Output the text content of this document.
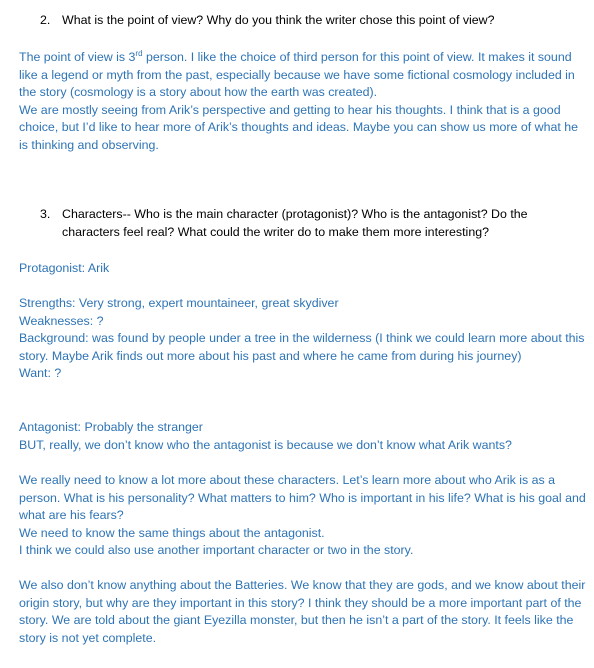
2. What is the point of view? Why do you think the writer chose this point of view?

The point of view is 3rd person. I like the choice of third person for this point of view. It makes it sound like a legend or myth from the past, especially because we have some fictional cosmology included in the story (cosmology is a story about how the earth was created).

We are mostly seeing from Arik’s perspective and getting to hear his thoughts. I think that is a good choice, but I’d like to hear more of Arik’s thoughts and ideas. Maybe you can show us more of what he is thinking and observing.

3. Characters-- Who is the main character (protagonist)? Who is the antagonist? Do the characters feel real? What could the writer do to make them more interesting?

Protagonist: Arik

Strengths: Very strong, expert mountaineer, great skydiver

Weaknesses: ?

Background: was found by people under a tree in the wilderness (I think we could learn more about this story. Maybe Arik finds out more about his past and where he came from during his journey)

Want: ?

Antagonist: Probably the stranger

BUT, really, we don’t know who the antagonist is because we don’t know what Arik wants?

We really need to know a lot more about these characters. Let’s learn more about who Arik is as a person. What is his personality? What matters to him? Who is important in his life? What is his goal and what are his fears?

We need to know the same things about the antagonist.

I think we could also use another important character or two in the story.

We also don’t know anything about the Batteries. We know that they are gods, and we know about their origin story, but why are they important in this story? I think they should be a more important part of the story. We are told about the giant Eyezilla monster, but then he isn’t a part of the story. It feels like the story is not yet complete.
